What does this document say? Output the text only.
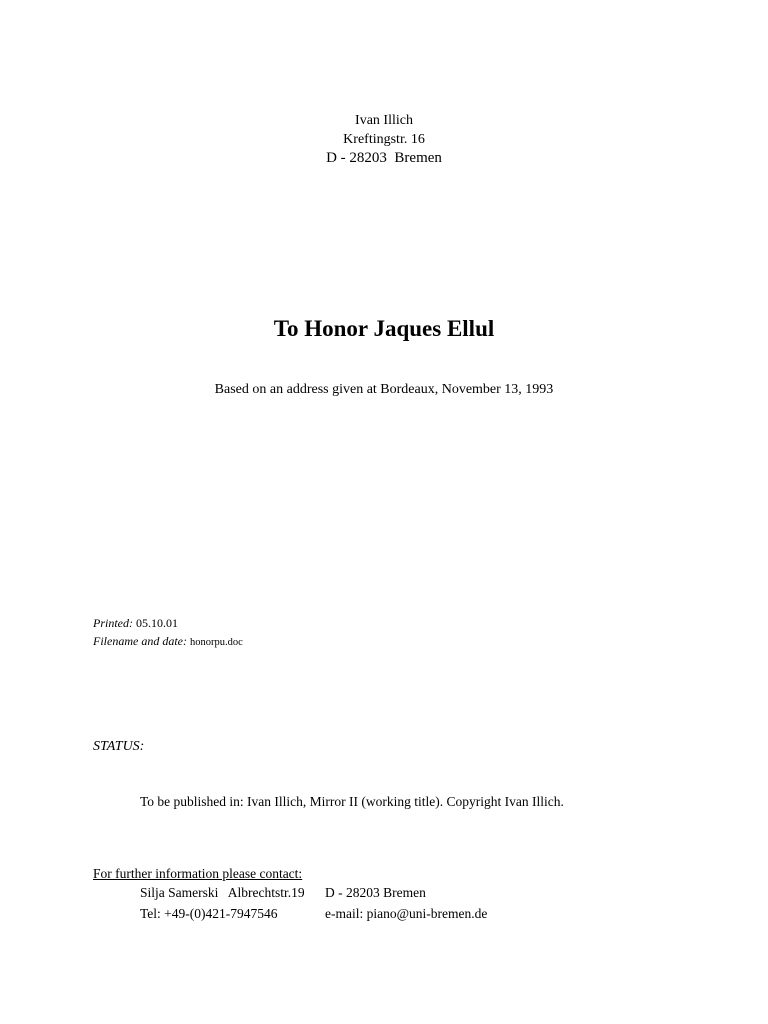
Ivan Illich
Kreftingstr. 16
D - 28203  Bremen
To Honor Jaques Ellul
Based on an address given at Bordeaux, November 13, 1993
Printed: 05.10.01
Filename and date: honorpu.doc
STATUS:
To be published in: Ivan Illich, Mirror II (working title). Copyright Ivan Illich.
For further information please contact:
Silja Samerski   Albrechtstr.19 D - 28203 Bremen
Tel: +49-(0)421-7947546	e-mail: piano@uni-bremen.de
